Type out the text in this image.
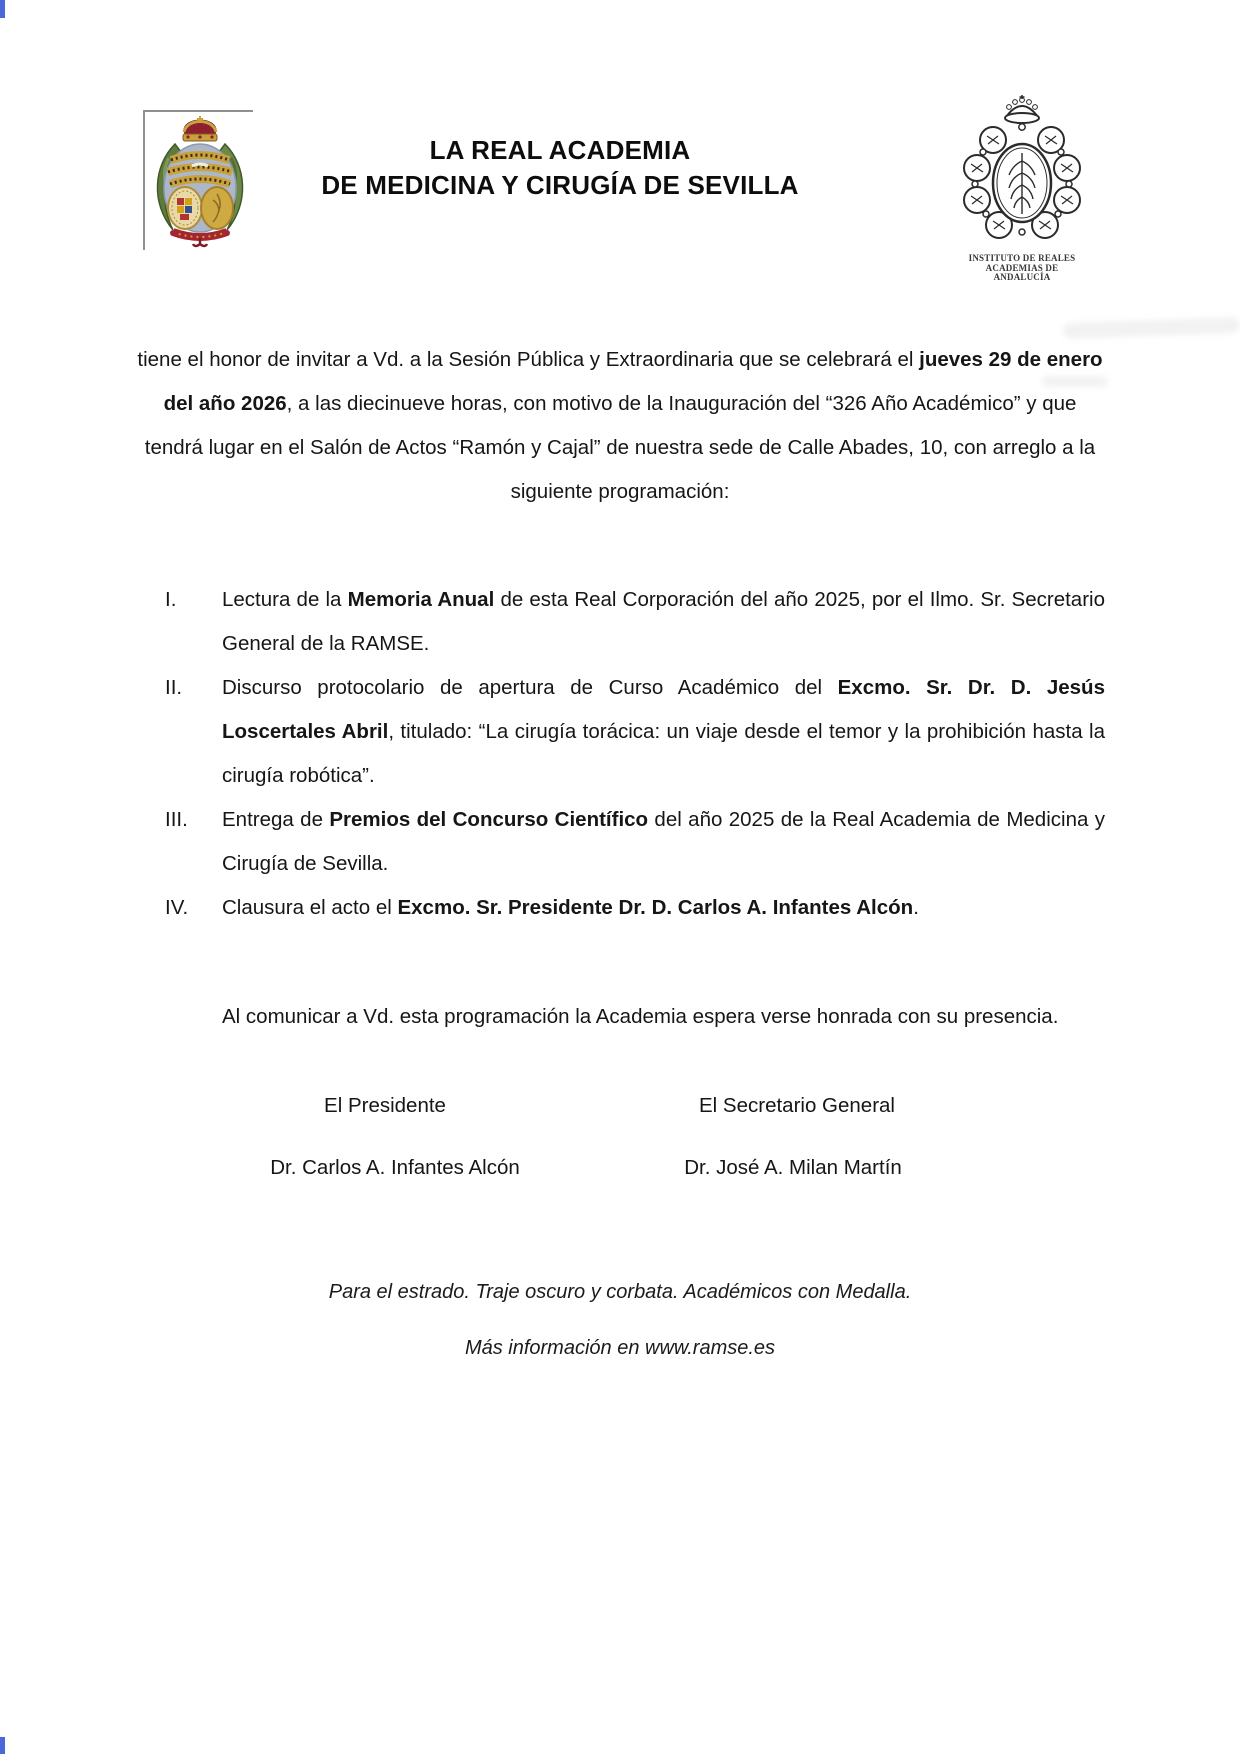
LA REAL ACADEMIA
DE MEDICINA Y CIRUGÍA DE SEVILLA
INSTITUTO DE REALES
ACADEMIAS DE
ANDALUCÍA

tiene el honor de invitar a Vd. a la Sesión Pública y Extraordinaria que se celebrará el jueves 29 de enero del año 2026, a las diecinueve horas, con motivo de la Inauguración del “326 Año Académico” y que tendrá lugar en el Salón de Actos “Ramón y Cajal” de nuestra sede de Calle Abades, 10, con arreglo a la siguiente programación:

I.	Lectura de la Memoria Anual de esta Real Corporación del año 2025, por el Ilmo. Sr. Secretario General de la RAMSE.
II.	Discurso protocolario de apertura de Curso Académico del Excmo. Sr. Dr. D. Jesús Loscertales Abril, titulado: “La cirugía torácica: un viaje desde el temor y la prohibición hasta la cirugía robótica”.
III.	Entrega de Premios del Concurso Científico del año 2025 de la Real Academia de Medicina y Cirugía de Sevilla.
IV.	Clausura el acto el Excmo. Sr. Presidente Dr. D. Carlos A. Infantes Alcón.

Al comunicar a Vd. esta programación la Academia espera verse honrada con su presencia.

El Presidente	El Secretario General
Dr. Carlos A. Infantes Alcón	Dr. José A. Milan Martín
Para el estrado. Traje oscuro y corbata. Académicos con Medalla.
Más información en www.ramse.es
